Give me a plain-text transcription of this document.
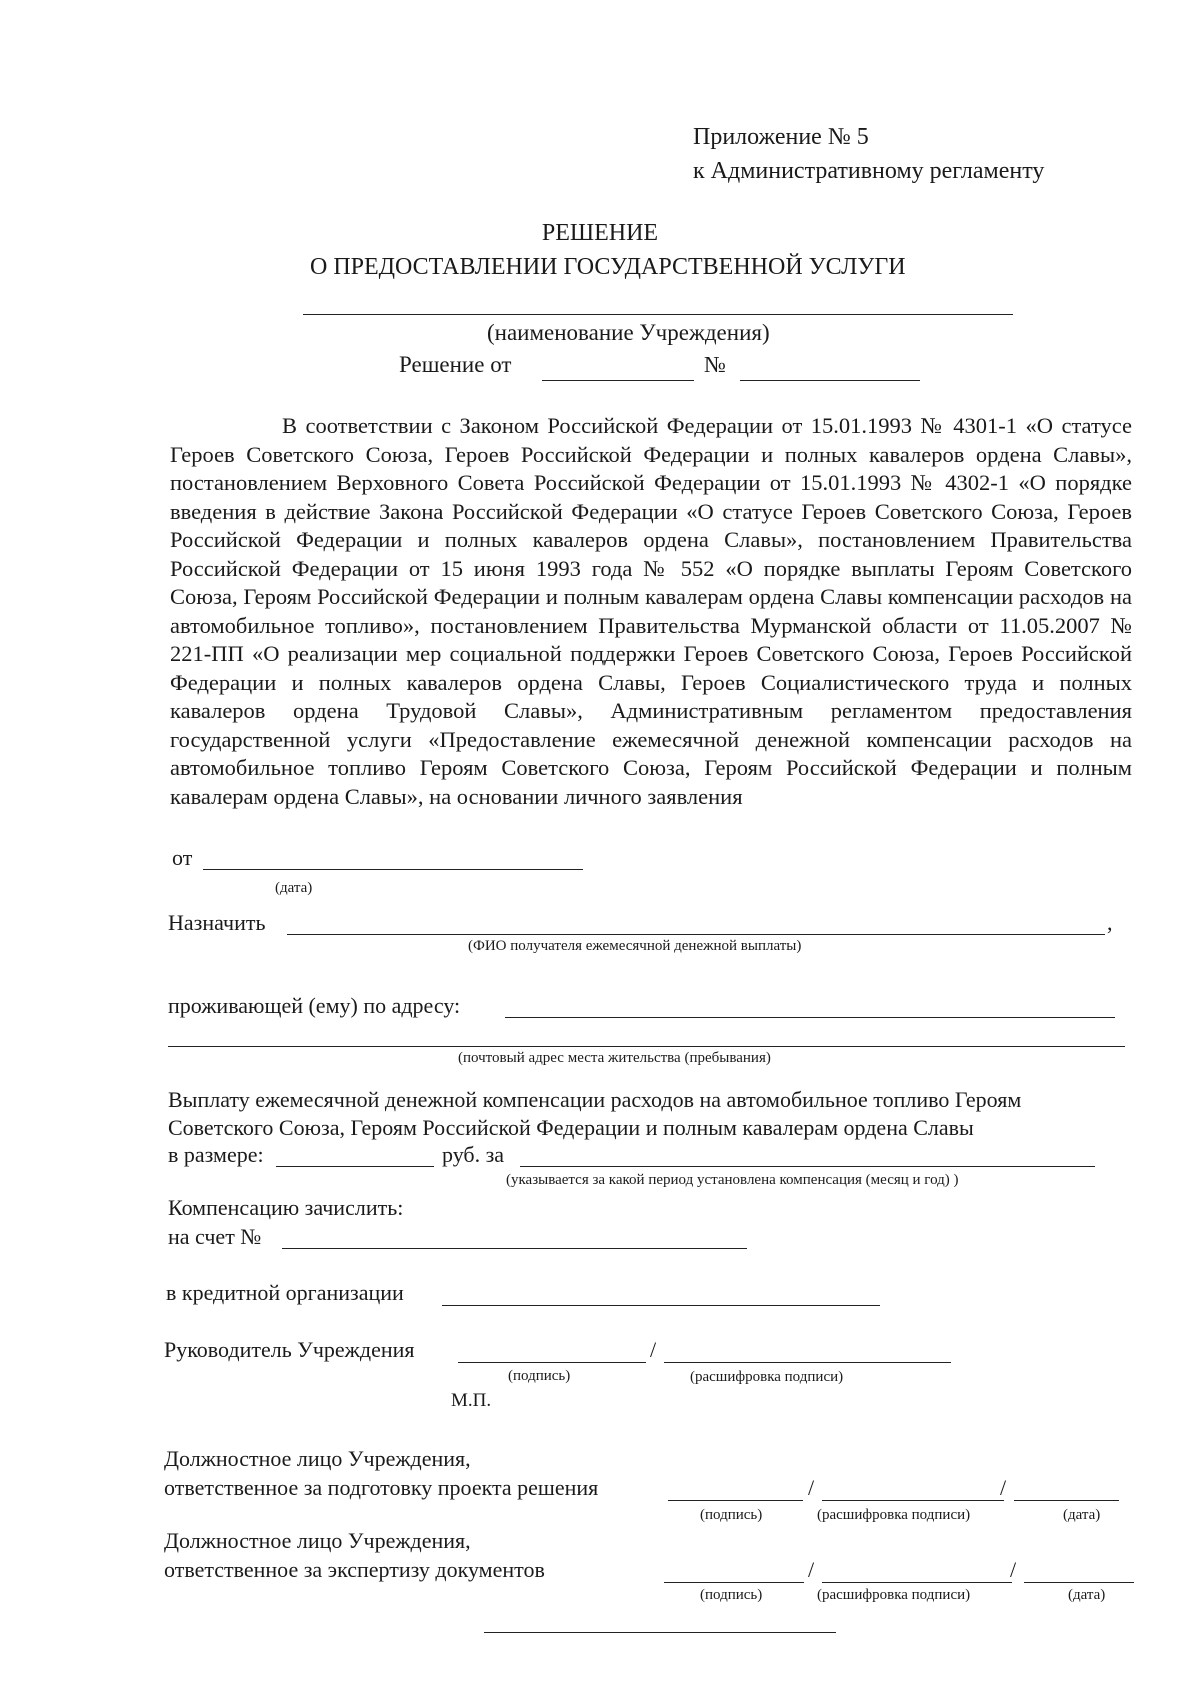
Приложение № 5
к Административному регламенту
РЕШЕНИЕ
О ПРЕДОСТАВЛЕНИИ ГОСУДАРСТВЕННОЙ УСЛУГИ
(наименование Учреждения)
Решение от	№
В соответствии с Законом Российской Федерации от 15.01.1993 № 4301-1 «О статусе Героев Советского Союза, Героев Российской Федерации и полных кавалеров ордена Славы», постановлением Верховного Совета Российской Федерации от 15.01.1993 № 4302-1 «О порядке введения в действие Закона Российской Федерации «О статусе Героев Советского Союза, Героев Российской Федерации и полных кавалеров ордена Славы», постановлением Правительства Российской Федерации от 15 июня 1993 года № 552 «О порядке выплаты Героям Советского Союза, Героям Российской Федерации и полным кавалерам ордена Славы компенсации расходов на автомобильное топливо», постановлением Правительства Мурманской области от 11.05.2007 № 221-ПП «О реализации мер социальной поддержки Героев Советского Союза, Героев Российской Федерации и полных кавалеров ордена Славы, Героев Социалистического труда и полных кавалеров ордена Трудовой Славы», Административным регламентом предоставления государственной услуги «Предоставление ежемесячной денежной компенсации расходов на автомобильное топливо Героям Советского Союза, Героям Российской Федерации и полным кавалерам ордена Славы», на основании личного заявления
от
(дата)
Назначить	,
(ФИО получателя ежемесячной денежной выплаты)
проживающей (ему) по адресу:
(почтовый адрес места жительства (пребывания)
Выплату ежемесячной денежной компенсации расходов на автомобильное топливо Героям
Советского Союза, Героям Российской Федерации и полным кавалерам ордена Славы
в размере:	руб. за
(указывается за какой период установлена компенсация (месяц и год) )
Компенсацию зачислить:
на счет №
в кредитной организации
Руководитель Учреждения	/
(подпись)	(расшифровка подписи)
М.П.
Должностное лицо Учреждения,
ответственное за подготовку проекта решения	/	/
(подпись)	(расшифровка подписи)	(дата)
Должностное лицо Учреждения,
ответственное за экспертизу документов	/	/
(подпись)	(расшифровка подписи)	(дата)
